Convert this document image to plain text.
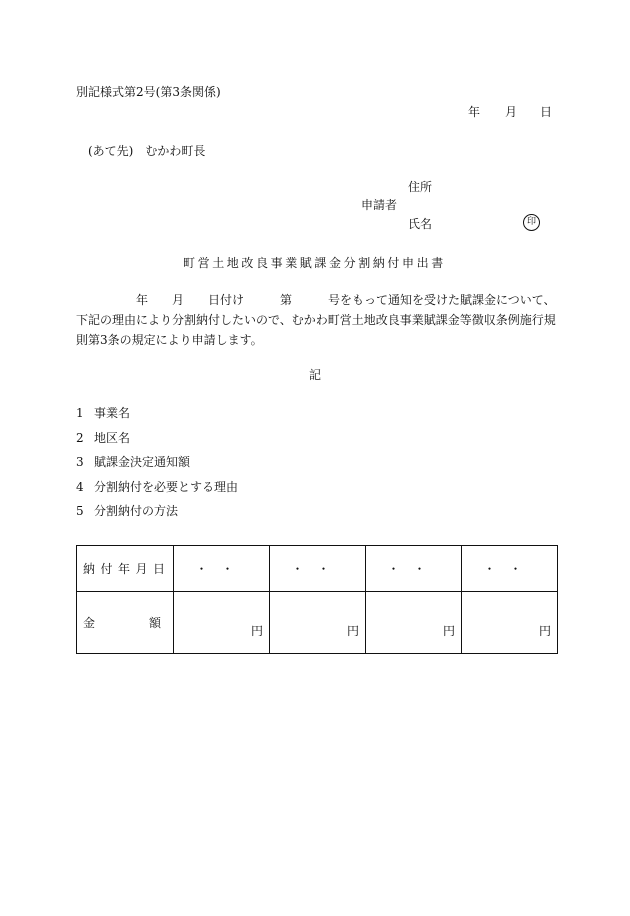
別記様式第2号(第3条関係)
年 月 日
(あて先)　むかわ町長
住所
申請者
氏名	印
町営土地改良事業賦課金分割納付申出書
　　　　　年　　月　　日付け　　　第　　　号をもって通知を受けた賦課金について、
下記の理由により分割納付したいので、むかわ町営土地改良事業賦課金等徴収条例施行規
則第3条の規定により申請します。
記
1 事業名
2 地区名
3 賦課金決定通知額
4 分割納付を必要とする理由
5 分割納付の方法
納 付 年 月 日	・・	・・	・・	・・

金 額	円	円	円	円
